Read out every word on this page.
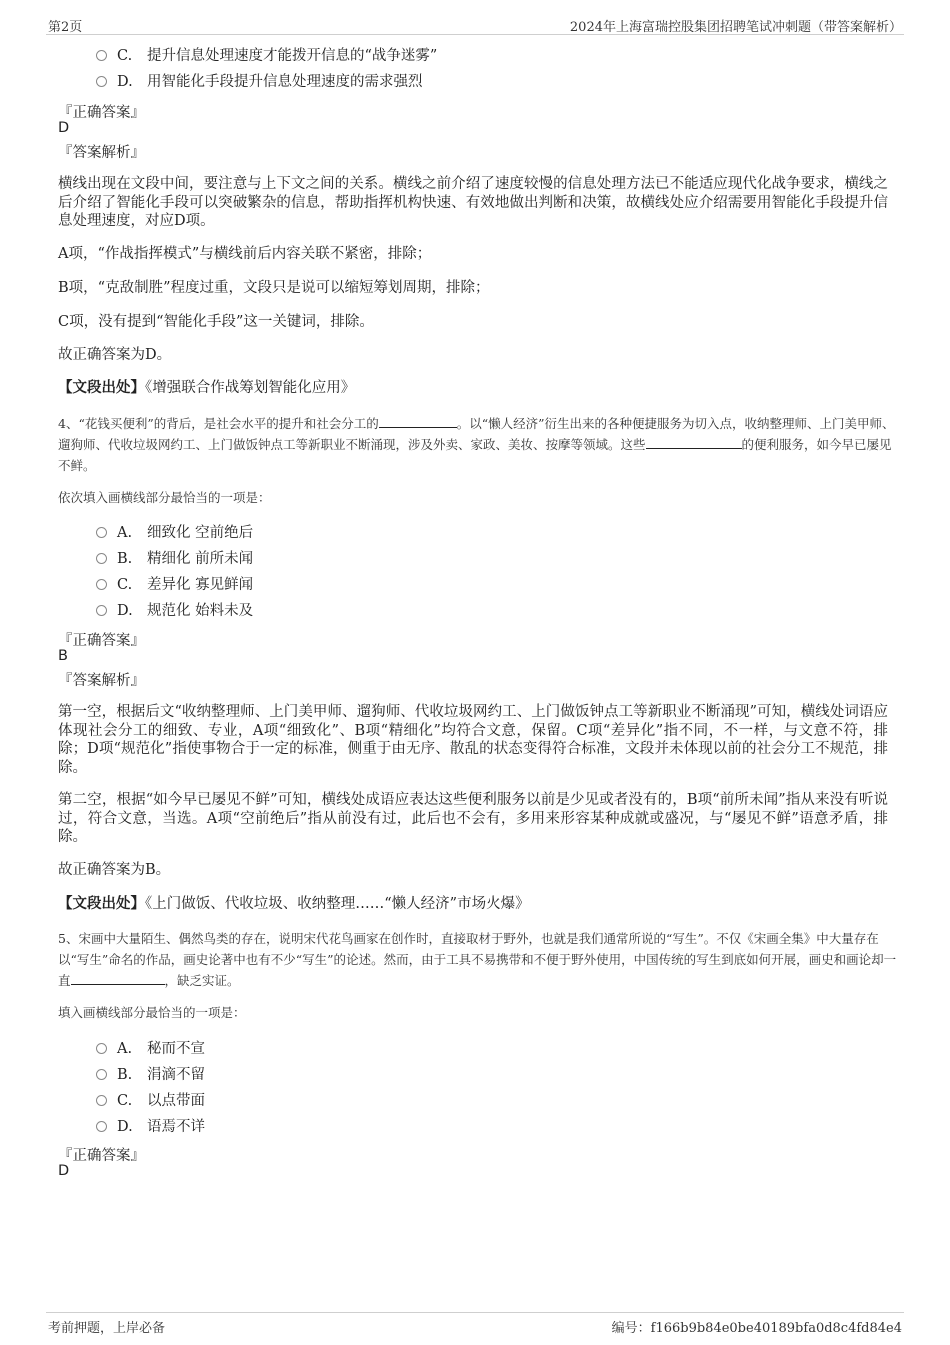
第2页	2024年上海富瑞控股集团招聘笔试冲刺题（带答案解析）
C. 提升信息处理速度才能拨开信息的“战争迷雾”
D. 用智能化手段提升信息处理速度的需求强烈
『正确答案』
D
『答案解析』
横线出现在文段中间，要注意与上下文之间的关系。横线之前介绍了速度较慢的信息处理方法已不能适应现代化战争要求，横线之后介绍了智能化手段可以突破繁杂的信息，帮助指挥机构快速、有效地做出判断和决策，故横线处应介绍需要用智能化手段提升信息处理速度，对应D项。
A项，“作战指挥模式”与横线前后内容关联不紧密，排除；
B项，“克敌制胜”程度过重，文段只是说可以缩短筹划周期，排除；
C项，没有提到“智能化手段”这一关键词，排除。
故正确答案为D。
【文段出处】《增强联合作战筹划智能化应用》
4、“花钱买便利”的背后，是社会水平的提升和社会分工的	。以“懒人经济”衍生出来的各种便捷服务为切入点，收纳整理师、上门美甲师、遛狗师、代收垃圾网约工、上门做饭钟点工等新职业不断涌现，涉及外卖、家政、美妆、按摩等领域。这些	的便利服务，如今早已屡见不鲜。
依次填入画横线部分最恰当的一项是：
A. 细致化 空前绝后
B. 精细化 前所未闻
C. 差异化 寡见鲜闻
D. 规范化 始料未及
『正确答案』
B
『答案解析』
第一空，根据后文“收纳整理师、上门美甲师、遛狗师、代收垃圾网约工、上门做饭钟点工等新职业不断涌现”可知，横线处词语应体现社会分工的细致、专业，A项“细致化”、B项“精细化”均符合文意，保留。C项“差异化”指不同，不一样，与文意不符，排除；D项“规范化”指使事物合于一定的标准，侧重于由无序、散乱的状态变得符合标准，文段并未体现以前的社会分工不规范，排除。
第二空，根据“如今早已屡见不鲜”可知，横线处成语应表达这些便利服务以前是少见或者没有的，B项“前所未闻”指从来没有听说过，符合文意，当选。A项“空前绝后”指从前没有过，此后也不会有，多用来形容某种成就或盛况，与“屡见不鲜”语意矛盾，排除。
故正确答案为B。
【文段出处】《上门做饭、代收垃圾、收纳整理……“懒人经济”市场火爆》
5、宋画中大量陌生、偶然鸟类的存在，说明宋代花鸟画家在创作时，直接取材于野外，也就是我们通常所说的“写生”。不仅《宋画全集》中大量存在以“写生”命名的作品，画史论著中也有不少“写生”的论述。然而，由于工具不易携带和不便于野外使用，中国传统的写生到底如何开展，画史和画论却一直	，缺乏实证。
填入画横线部分最恰当的一项是：
A. 秘而不宣
B. 涓滴不留
C. 以点带面
D. 语焉不详
『正确答案』
D
考前押题，上岸必备	编号：f166b9b84e0be40189bfa0d8c4fd84e4
